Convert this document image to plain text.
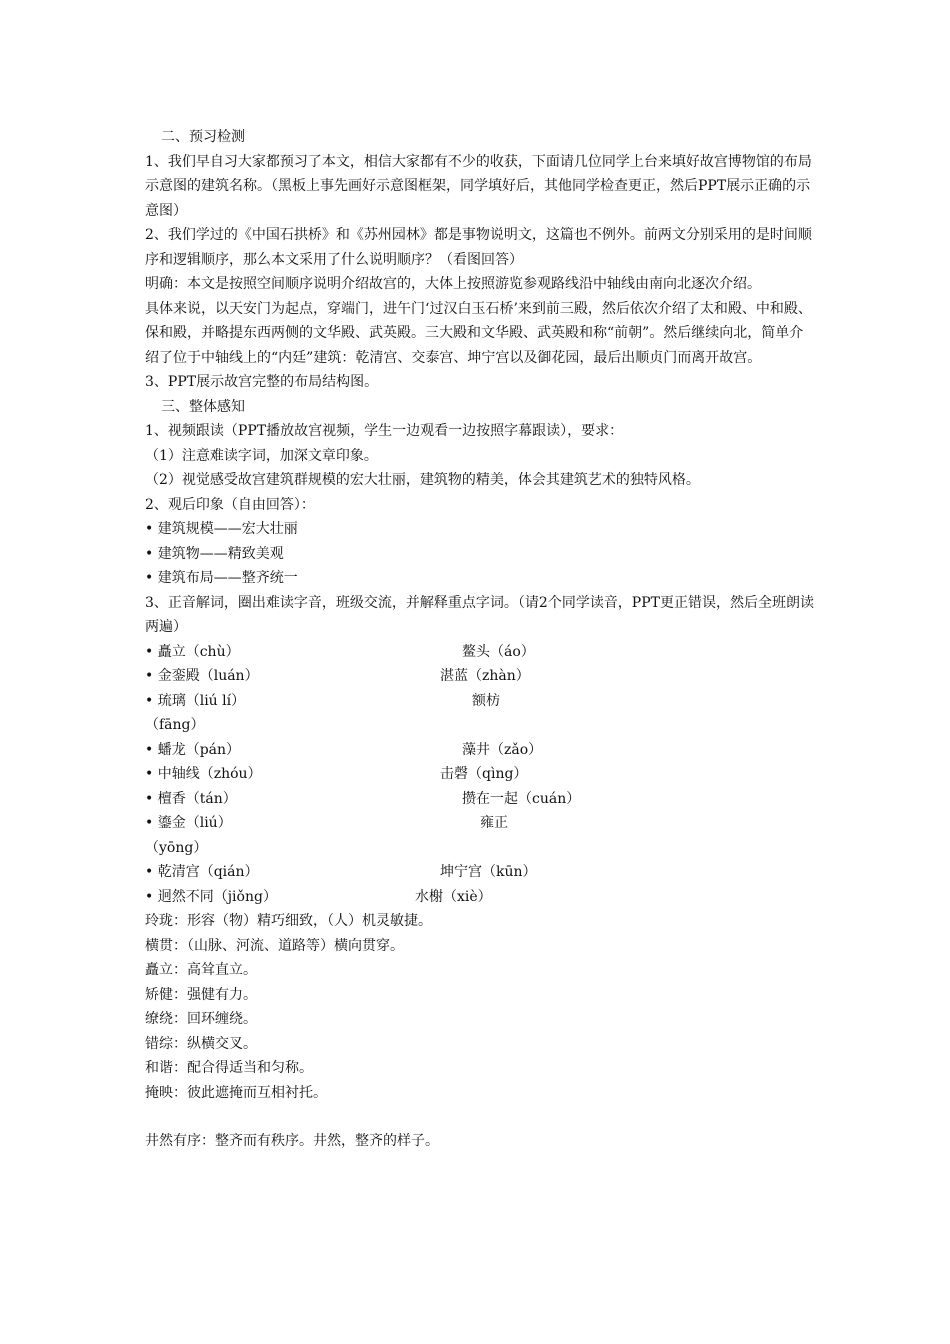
二、预习检测

1、我们早自习大家都预习了本文，相信大家都有不少的收获，下面请几位同学上台来填好故宫博物馆的布局示意图的建筑名称。（黑板上事先画好示意图框架，同学填好后，其他同学检查更正，然后PPT展示正确的示意图）

2、我们学过的《中国石拱桥》和《苏州园林》都是事物说明文，这篇也不例外。前两文分别采用的是时间顺序和逻辑顺序，那么本文采用了什么说明顺序？（看图回答）

明确：本文是按照空间顺序说明介绍故宫的，大体上按照游览参观路线沿中轴线由南向北逐次介绍。

具体来说，以天安门为起点，穿端门，进午门‘过汉白玉石桥’来到前三殿，然后依次介绍了太和殿、中和殿、保和殿，并略提东西两侧的文华殿、武英殿。三大殿和文华殿、武英殿和称“前朝”。然后继续向北，简单介绍了位于中轴线上的“内廷”建筑：乾清宫、交泰宫、坤宁宫以及御花园，最后出顺贞门而离开故宫。

3、PPT展示故宫完整的布局结构图。

三、整体感知

1、视频跟读（PPT播放故宫视频，学生一边观看一边按照字幕跟读），要求：

（1）注意难读字词，加深文章印象。

（2）视觉感受故宫建筑群规模的宏大壮丽，建筑物的精美，体会其建筑艺术的独特风格。

2、观后印象（自由回答）：

• 建筑规模——宏大壮丽

• 建筑物——精致美观

• 建筑布局——整齐统一

3、正音解词，圈出难读字音，班级交流，并解释重点字词。（请2个同学读音，PPT更正错误，然后全班朗读两遍）

• 矗立（chù）	鳌头（áo）
• 金銮殿（luán）	湛蓝（zhàn）
• 琉璃（liú lí）	额枋
（fāng）
• 蟠龙（pán）	藻井（zǎo）
• 中轴线（zhóu）	击磬（qìng）
• 檀香（tán）	攒在一起（cuán）
• 鎏金（liú）	雍正
（yōng）
• 乾清宫（qián）	坤宁宫（kūn）
• 迥然不同（jiǒng）	水榭（xiè）

玲珑：形容（物）精巧细致，（人）机灵敏捷。

横贯：（山脉、河流、道路等）横向贯穿。

矗立：高耸直立。

矫健：强健有力。

缭绕：回环缠绕。

错综：纵横交叉。

和谐：配合得适当和匀称。

掩映：彼此遮掩而互相衬托。

井然有序：整齐而有秩序。井然，整齐的样子。
